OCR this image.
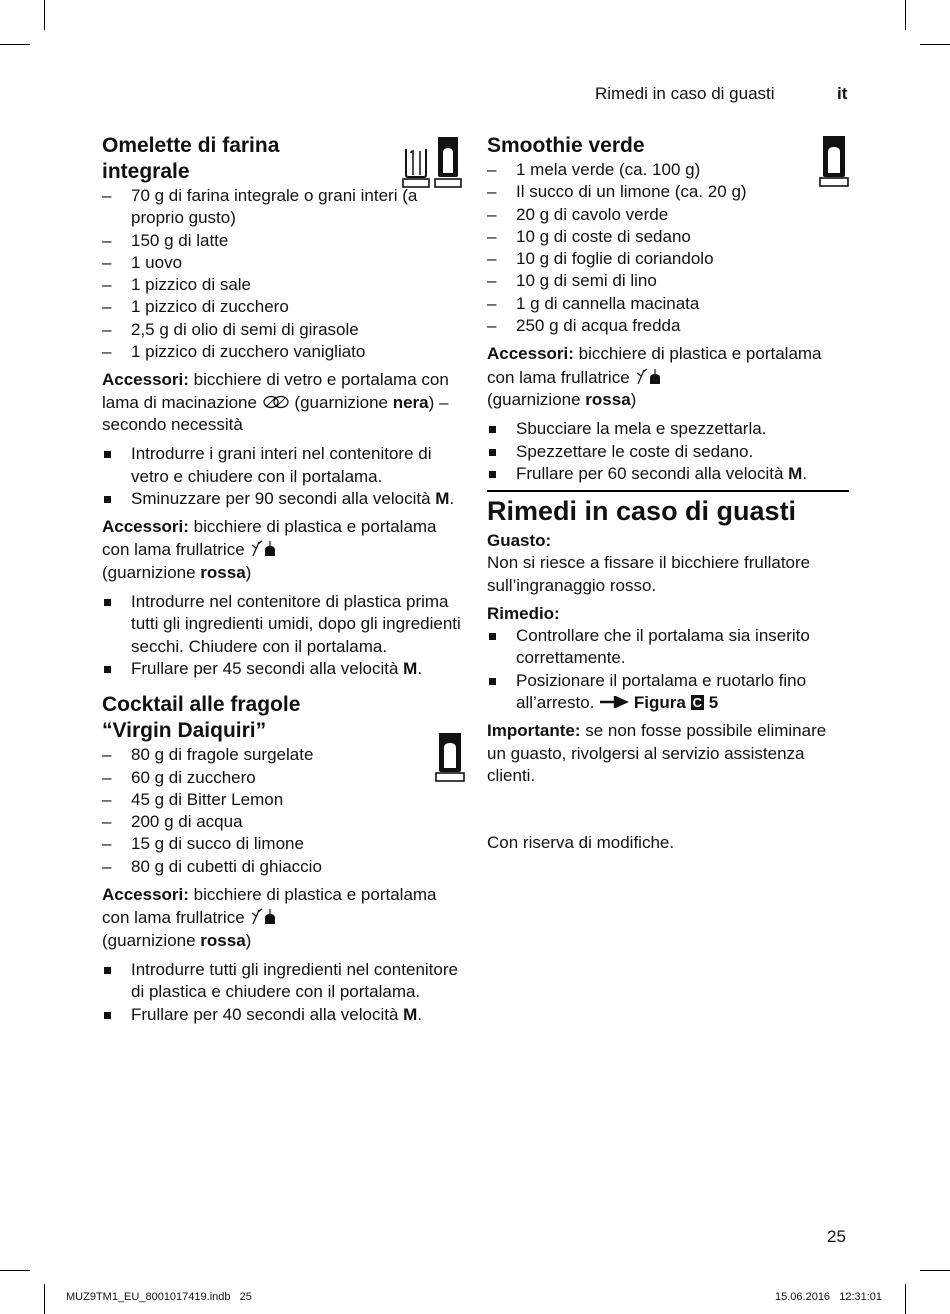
Rimedi in caso di guasti	it
Omelette di farina
integrale
– 70 g di farina integrale o grani interi (a proprio gusto)
– 150 g di latte
– 1 uovo
– 1 pizzico di sale
– 1 pizzico di zucchero
– 2,5 g di olio di semi di girasole
– 1 pizzico di zucchero vanigliato

Accessori: bicchiere di vetro e portalama con lama di macinazione  (guarnizione nera) – secondo necessità

Introdurre i grani interi nel contenitore di vetro e chiudere con il portalama.
Sminuzzare per 90 secondi alla velocità M.

Accessori: bicchiere di plastica e portalama con lama frullatrice
(guarnizione rossa)

Introdurre nel contenitore di plastica prima tutti gli ingredienti umidi, dopo gli ingredienti secchi. Chiudere con il portalama.
Frullare per 45 secondi alla velocità M.
Cocktail alle fragole
“Virgin Daiquiri”
– 80 g di fragole surgelate
– 60 g di zucchero
– 45 g di Bitter Lemon
– 200 g di acqua
– 15 g di succo di limone
– 80 g di cubetti di ghiaccio

Accessori: bicchiere di plastica e portalama con lama frullatrice
(guarnizione rossa)

Introdurre tutti gli ingredienti nel contenitore di plastica e chiudere con il portalama.
Frullare per 40 secondi alla velocità M.
Smoothie verde
– 1 mela verde (ca. 100 g)
– Il succo di un limone (ca. 20 g)
– 20 g di cavolo verde
– 10 g di coste di sedano
– 10 g di foglie di coriandolo
– 10 g di semi di lino
– 1 g di cannella macinata
– 250 g di acqua fredda

Accessori: bicchiere di plastica e portalama con lama frullatrice
(guarnizione rossa)

Sbucciare la mela e spezzettarla.
Spezzettare le coste di sedano.
Frullare per 60 secondi alla velocità M.
Rimedi in caso di guasti

Guasto:

Non si riesce a fissare il bicchiere frullatore sull’ingranaggio rosso.

Rimedio:

Controllare che il portalama sia inserito correttamente.
Posizionare il portalama e ruotarlo fino all’arresto.  Figura C 5

Importante: se non fosse possibile eliminare un guasto, rivolgersi al servizio assistenza clienti.

Con riserva di modifiche.

25
MUZ9TM1_EU_8001017419.indb   25	15.06.2016   12:31:01
